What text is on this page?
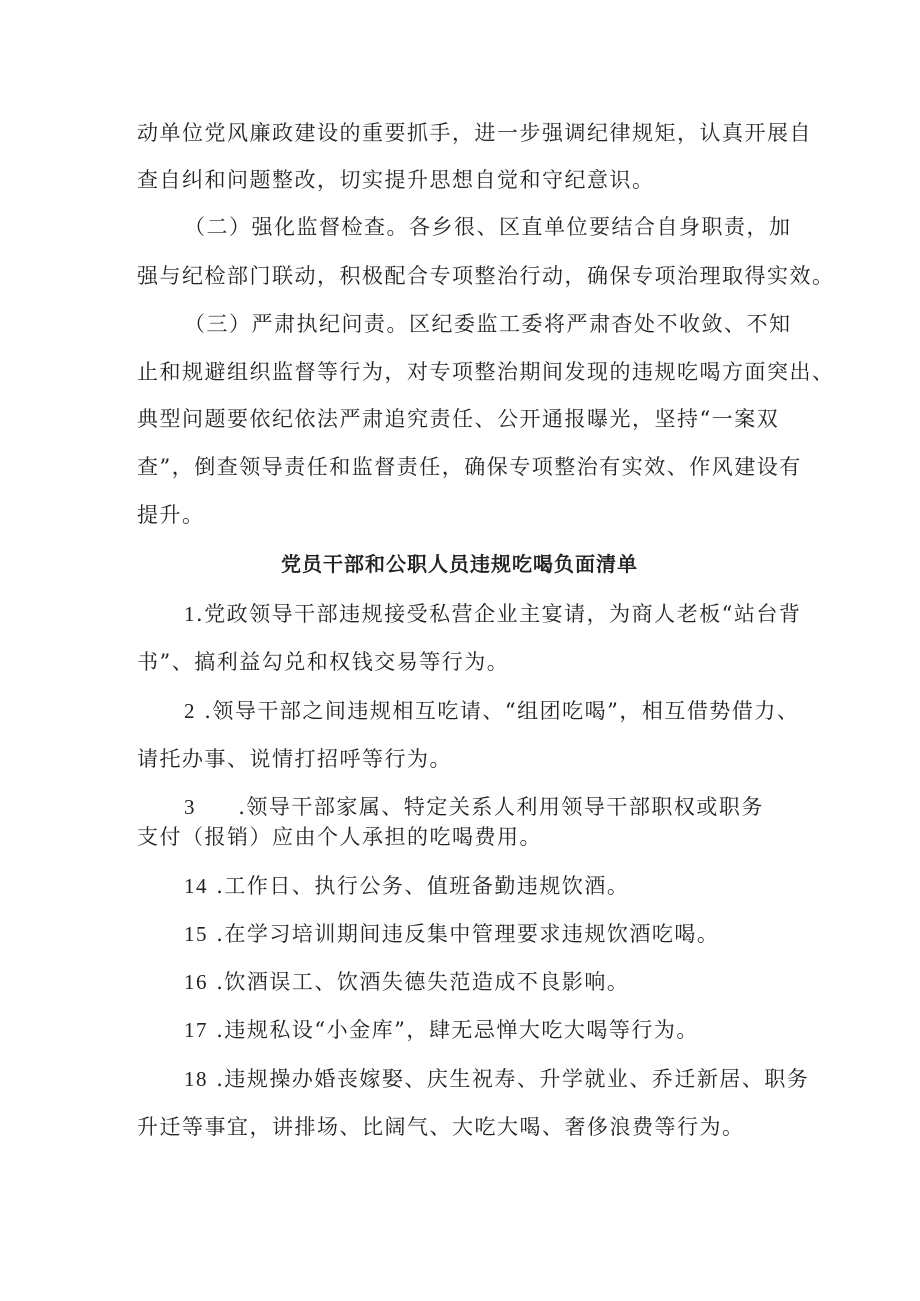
动单位党风廉政建设的重要抓手，进一步强调纪律规矩，认真开展自
查自纠和问题整改，切实提升思想自觉和守纪意识。
（二）强化监督检查。各乡很、区直单位要结合自身职责，加
强与纪检部门联动，积极配合专项整治行动，确保专项治理取得实效。
（三）严肃执纪问责。区纪委监工委将严肃杳处不收敛、不知
止和规避组织监督等行为，对专项整治期间发现的违规吃喝方面突出、
典型问题要依纪依法严肃追究责任、公开通报曝光，坚持“一案双
查”，倒查领导责任和监督责任，确保专项整治有实效、作风建设有
提升。
党员干部和公职人员违规吃喝负面清单
1.党政领导干部违规接受私营企业主宴请，为商人老板“站台背
书”、搞利益勾兑和权钱交易等行为。
2 .领导干部之间违规相互吃请、“组团吃喝”，相互借势借力、
请托办事、说情打招呼等行为。
3 .领导干部家属、特定关系人利用领导干部职权或职务
支付（报销）应由个人承担的吃喝费用。
14 .工作日、执行公务、值班备勤违规饮酒。
15 .在学习培训期间违反集中管理要求违规饮酒吃喝。
16 .饮酒误工、饮酒失德失范造成不良影响。
17 .违规私设“小金库”，肆无忌惮大吃大喝等行为。
18 .违规操办婚丧嫁娶、庆生祝寿、升学就业、乔迁新居、职务
升迁等事宜，讲排场、比阔气、大吃大喝、奢侈浪费等行为。
